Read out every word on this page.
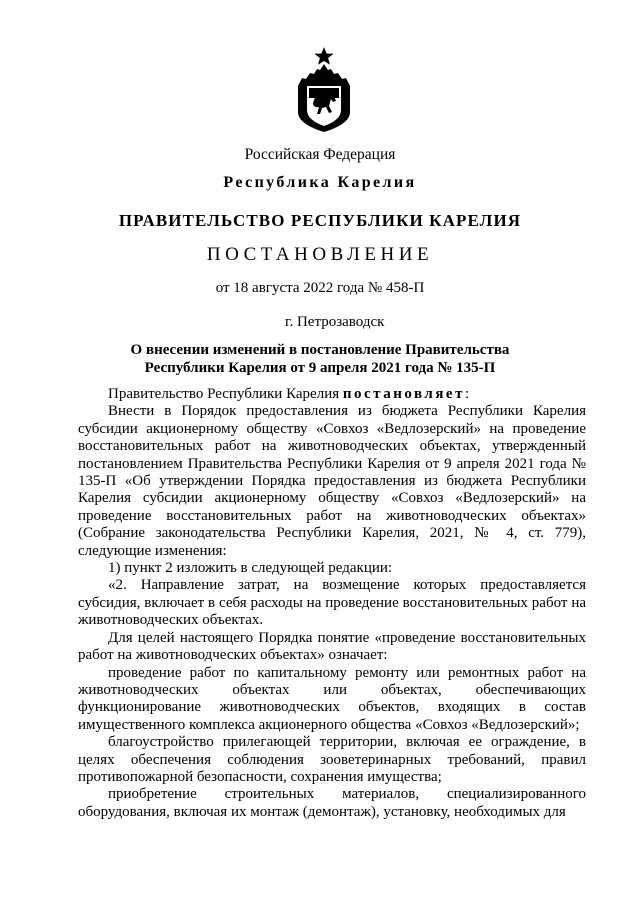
Российская Федерация
Республика Карелия
ПРАВИТЕЛЬСТВО РЕСПУБЛИКИ КАРЕЛИЯ
ПОСТАНОВЛЕНИЕ
от 18 августа 2022 года № 458-П
г. Петрозаводск
О внесении изменений в постановление Правительства
Республики Карелия от 9 апреля 2021 года № 135-П

Правительство Республики Карелия постановляет:

Внести в Порядок предоставления из бюджета Республики Карелия субсидии акционерному обществу «Совхоз «Ведлозерский» на проведение восстановительных работ на животноводческих объектах, утвержденный постановлением Правительства Республики Карелия от 9 апреля 2021 года № 135-П «Об утверждении Порядка предоставления из бюджета Республики Карелия субсидии акционерному обществу «Совхоз «Ведлозерский» на проведение восстановительных работ на животноводческих объектах» (Собрание законодательства Республики Карелия, 2021, № 4, ст. 779), следующие изменения:

1) пункт 2 изложить в следующей редакции:

«2. Направление затрат, на возмещение которых предоставляется субсидия, включает в себя расходы на проведение восстановительных работ на животноводческих объектах.

Для целей настоящего Порядка понятие «проведение восстановительных работ на животноводческих объектах» означает:

проведение работ по капитальному ремонту или ремонтных работ на животноводческих объектах или объектах, обеспечивающих функционирование животноводческих объектов, входящих в состав имущественного комплекса акционерного общества «Совхоз «Ведлозерский»;

благоустройство прилегающей территории, включая ее ограждение, в целях обеспечения соблюдения зооветеринарных требований, правил противопожарной безопасности, сохранения имущества;

приобретение строительных материалов, специализированного оборудования, включая их монтаж (демонтаж), установку, необходимых для
